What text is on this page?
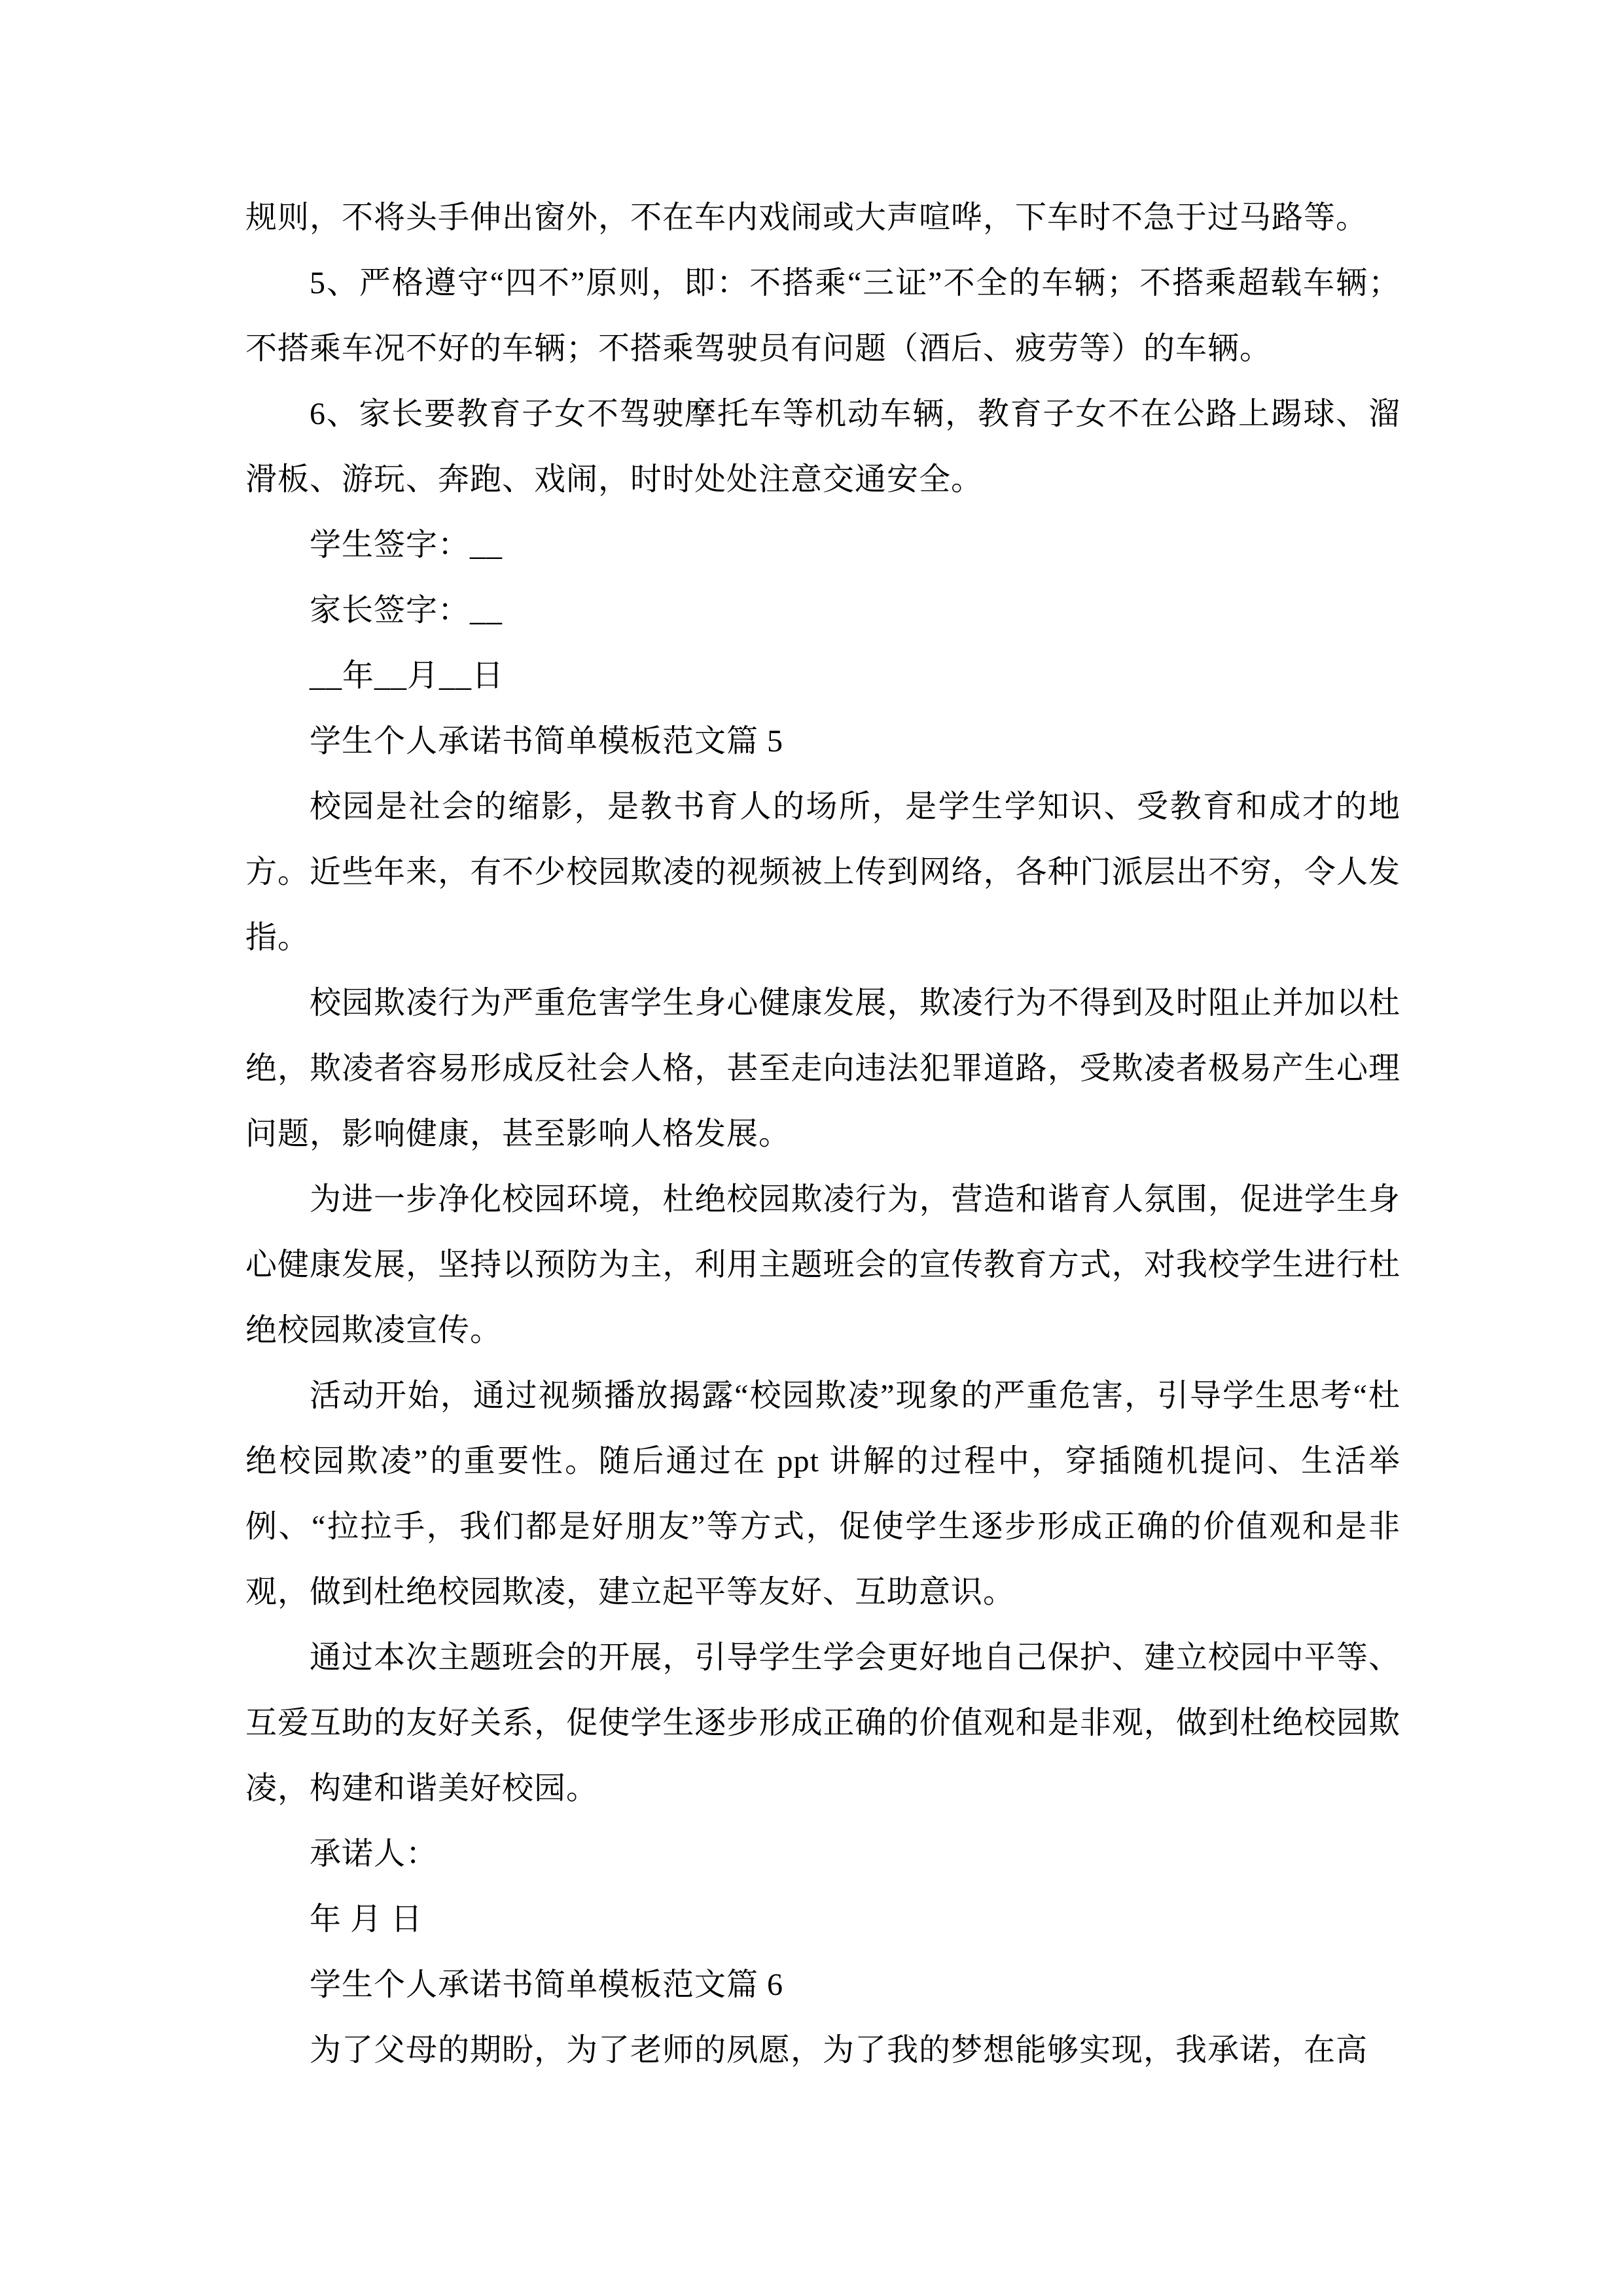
规则，不将头手伸出窗外，不在车内戏闹或大声喧哗，下车时不急于过马路等。

5、严格遵守“四不”原则，即：不搭乘“三证”不全的车辆；不搭乘超载车辆；不搭乘车况不好的车辆；不搭乘驾驶员有问题（酒后、疲劳等）的车辆。

6、家长要教育子女不驾驶摩托车等机动车辆，教育子女不在公路上踢球、溜滑板、游玩、奔跑、戏闹，时时处处注意交通安全。

学生签字：__

家长签字：__

__年__月__日

学生个人承诺书简单模板范文篇 5

校园是社会的缩影，是教书育人的场所，是学生学知识、受教育和成才的地方。近些年来，有不少校园欺凌的视频被上传到网络，各种门派层出不穷，令人发指。

校园欺凌行为严重危害学生身心健康发展，欺凌行为不得到及时阻止并加以杜绝，欺凌者容易形成反社会人格，甚至走向违法犯罪道路，受欺凌者极易产生心理问题，影响健康，甚至影响人格发展。

为进一步净化校园环境，杜绝校园欺凌行为，营造和谐育人氛围，促进学生身心健康发展，坚持以预防为主，利用主题班会的宣传教育方式，对我校学生进行杜绝校园欺凌宣传。

活动开始，通过视频播放揭露“校园欺凌”现象的严重危害，引导学生思考“杜绝校园欺凌”的重要性。随后通过在 ppt 讲解的过程中，穿插随机提问、生活举例、“拉拉手，我们都是好朋友”等方式，促使学生逐步形成正确的价值观和是非观，做到杜绝校园欺凌，建立起平等友好、互助意识。

通过本次主题班会的开展，引导学生学会更好地自己保护、建立校园中平等、互爱互助的友好关系，促使学生逐步形成正确的价值观和是非观，做到杜绝校园欺凌，构建和谐美好校园。

承诺人：

年 月 日

学生个人承诺书简单模板范文篇 6

为了父母的期盼，为了老师的夙愿，为了我的梦想能够实现，我承诺，在高
